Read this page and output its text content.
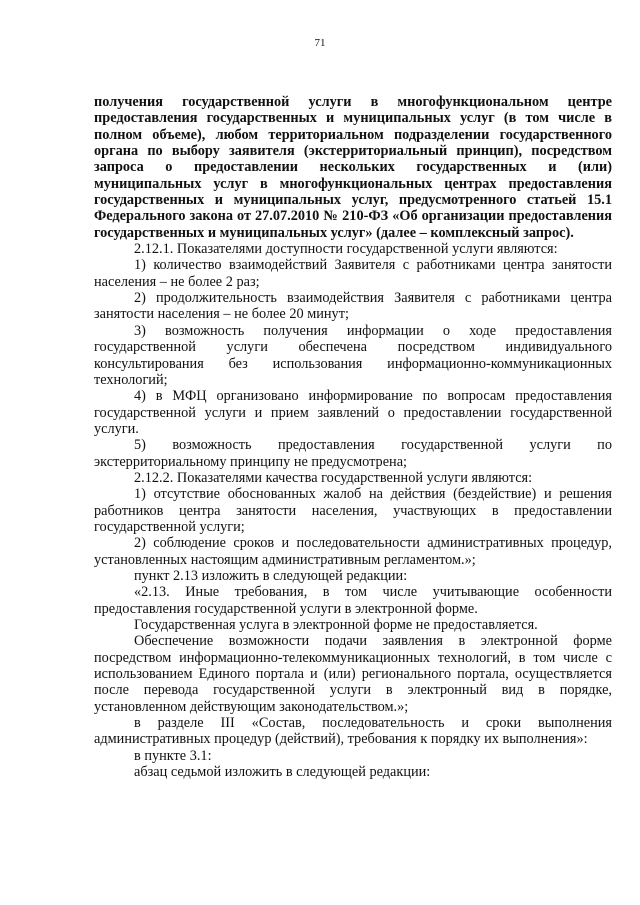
71

получения государственной услуги в многофункциональном центре предоставления государственных и муниципальных услуг (в том числе в полном объеме), любом территориальном подразделении государственного органа по выбору заявителя (экстерриториальный принцип), посредством запроса о предоставлении нескольких государственных и (или) муниципальных услуг в многофункциональных центрах предоставления государственных и муниципальных услуг, предусмотренного статьей 15.1 Федерального закона от 27.07.2010 № 210-ФЗ «Об организации предоставления государственных и муниципальных услуг» (далее – комплексный запрос).

2.12.1. Показателями доступности государственной услуги являются:

1) количество взаимодействий Заявителя с работниками центра занятости населения – не более 2 раз;

2) продолжительность взаимодействия Заявителя с работниками центра занятости населения – не более 20 минут;

3) возможность получения информации о ходе предоставления государственной услуги обеспечена посредством индивидуального консультирования без использования информационно-коммуникационных технологий;

4) в МФЦ организовано информирование по вопросам предоставления государственной услуги и прием заявлений о предоставлении государственной услуги.

5) возможность предоставления государственной услуги по экстерриториальному принципу не предусмотрена;

2.12.2. Показателями качества государственной услуги являются:

1) отсутствие обоснованных жалоб на действия (бездействие) и решения работников центра занятости населения, участвующих в предоставлении государственной услуги;

2) соблюдение сроков и последовательности административных процедур, установленных настоящим административным регламентом.»;

пункт 2.13 изложить в следующей редакции:

«2.13. Иные требования, в том числе учитывающие особенности предоставления государственной услуги в электронной форме.

Государственная услуга в электронной форме не предоставляется.

Обеспечение возможности подачи заявления в электронной форме посредством информационно-телекоммуникационных технологий, в том числе с использованием Единого портала и (или) регионального портала, осуществляется после перевода государственной услуги в электронный вид в порядке, установленном действующим законодательством.»;

в разделе III «Состав, последовательность и сроки выполнения административных процедур (действий), требования к порядку их выполнения»:

в пункте 3.1:

абзац седьмой изложить в следующей редакции:
